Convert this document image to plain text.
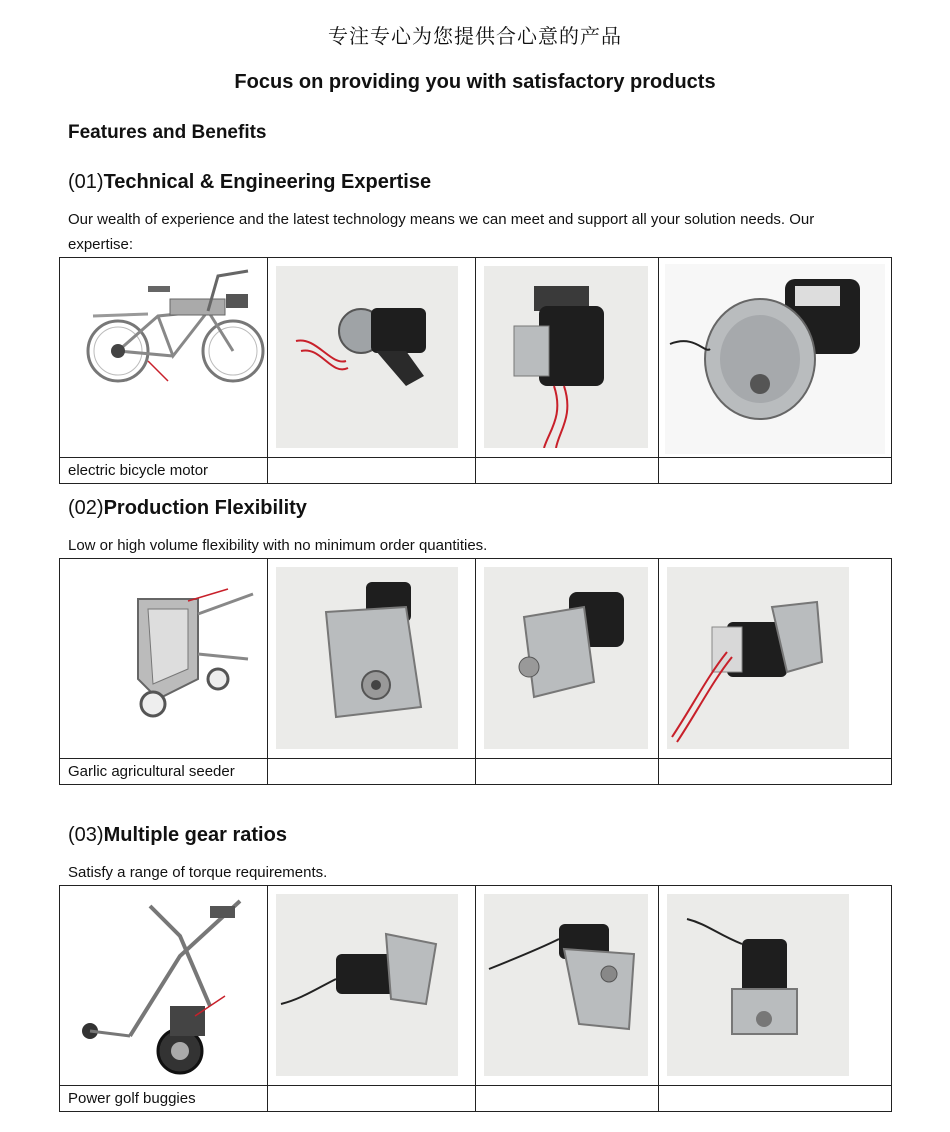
专注专心为您提供合心意的产品
Focus on providing you with satisfactory products
Features and Benefits
(01)Technical & Engineering Expertise
Our wealth of experience and the latest technology means we can meet and support all your solution needs. Our expertise:

electric bicycle motor			
(02)Production Flexibility
Low or high volume flexibility with no minimum order quantities.

Garlic agricultural seeder			
(03)Multiple gear ratios
Satisfy a range of torque requirements.

Power golf buggies			
